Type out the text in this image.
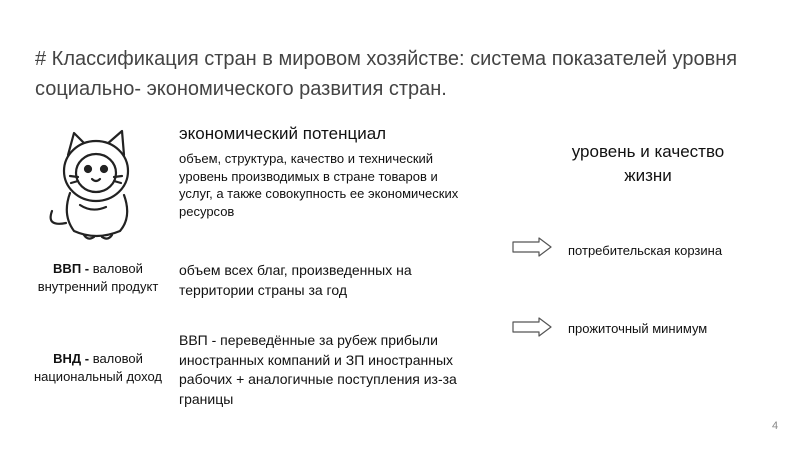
# Классификация стран в мировом хозяйстве: система показателей уровня социально- экономического развития стран.
экономический потенциал
объем, структура, качество и технический уровень производимых в стране товаров и услуг, а также совокупность ее экономических ресурсов
ВВП - валовой внутренний продукт
объем всех благ, произведенных на территории страны за год
ВНД - валовой национальный доход
ВВП - переведённые за рубеж прибыли иностранных компаний и ЗП иностранных рабочих + аналогичные поступления из-за границы
уровень и качество жизни
потребительская корзина
прожиточный минимум
4
